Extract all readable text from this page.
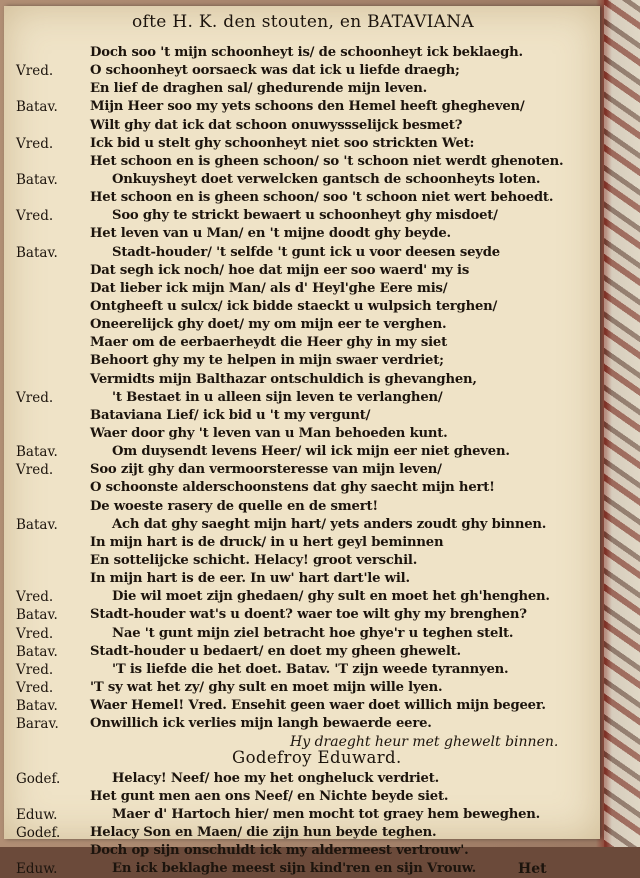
ofte H. K. den stouten, en BATAVIANA
Doch soo 't mijn schoonheyt is/ de schoonheyt ick beklaegh.
Vred.	O schoonheyt oorsaeck was dat ick u liefde draegh;
En lief de draghen sal/ ghedurende mijn leven.
Batav.	Mijn Heer soo my yets schoons den Hemel heeft ghegheven/
Wilt ghy dat ick dat schoon onuwyssselijck besmet?
Vred.	Ick bid u stelt ghy schoonheyt niet soo strickten Wet:
Het schoon en is gheen schoon/ so 't schoon niet werdt ghenoten.
Batav.	Onkuysheyt doet verwelcken gantsch de schoonheyts loten.
Het schoon en is gheen schoon/ soo 't schoon niet wert behoedt.
Vred.	Soo ghy te strickt bewaert u schoonheyt ghy misdoet/
Het leven van u Man/ en 't mijne doodt ghy beyde.
Batav.	Stadt-houder/ 't selfde 't gunt ick u voor deesen seyde
Dat segh ick noch/ hoe dat mijn eer soo waerd' my is
Dat lieber ick mijn Man/ als d' Heyl'ghe Eere mis/
Ontgheeft u sulcx/ ick bidde staeckt u wulpsich terghen/
Oneerelijck ghy doet/ my om mijn eer te verghen.
Maer om de eerbaerheydt die Heer ghy in my siet
Behoort ghy my te helpen in mijn swaer verdriet;
Vermidts mijn Balthazar ontschuldich is ghevanghen,
Vred.	't Bestaet in u alleen sijn leven te verlanghen/
Bataviana Lief/ ick bid u 't my vergunt/
Waer door ghy 't leven van u Man behoeden kunt.
Batav.	Om duysendt levens Heer/ wil ick mijn eer niet gheven.
Vred.	Soo zijt ghy dan vermoorsteresse van mijn leven/
O schoonste alderschoonstens dat ghy saecht mijn hert!
De woeste rasery de quelle en de smert!
Batav.	Ach dat ghy saeght mijn hart/ yets anders zoudt ghy binnen.
In mijn hart is de druck/ in u hert geyl beminnen
En sottelijcke schicht. Helacy! groot verschil.
In mijn hart is de eer. In uw' hart dart'le wil.
Vred.	Die wil moet zijn ghedaen/ ghy sult en moet het gh'henghen.
Batav.	Stadt-houder wat's u doent? waer toe wilt ghy my brenghen?
Vred.	Nae 't gunt mijn ziel betracht hoe ghye'r u teghen stelt.
Batav.	Stadt-houder u bedaert/ en doet my gheen ghewelt.
Vred.	'T is liefde die het doet. Batav. 'T zijn weede tyrannyen.
Vred.	'T sy wat het zy/ ghy sult en moet mijn wille lyen.
Batav.	Waer Hemel! Vred. Ensehit geen waer doet willich mijn begeer.
Barav.	Onwillich ick verlies mijn langh bewaerde eere.
Hy draeght heur met ghewelt binnen.
Godefroy Eduward.
Godef.	Helacy! Neef/ hoe my het ongheluck verdriet.
Het gunt men aen ons Neef/ en Nichte beyde siet.
Eduw.	Maer d' Hartoch hier/ men mocht tot graey hem beweghen.
Godef.	Helacy Son en Maen/ die zijn hun beyde teghen.
Doch op sijn onschuldt ick my aldermeest vertrouw'.
Eduw.	En ick beklaghe meest sijn kind'ren en sijn Vrouw.	Het
